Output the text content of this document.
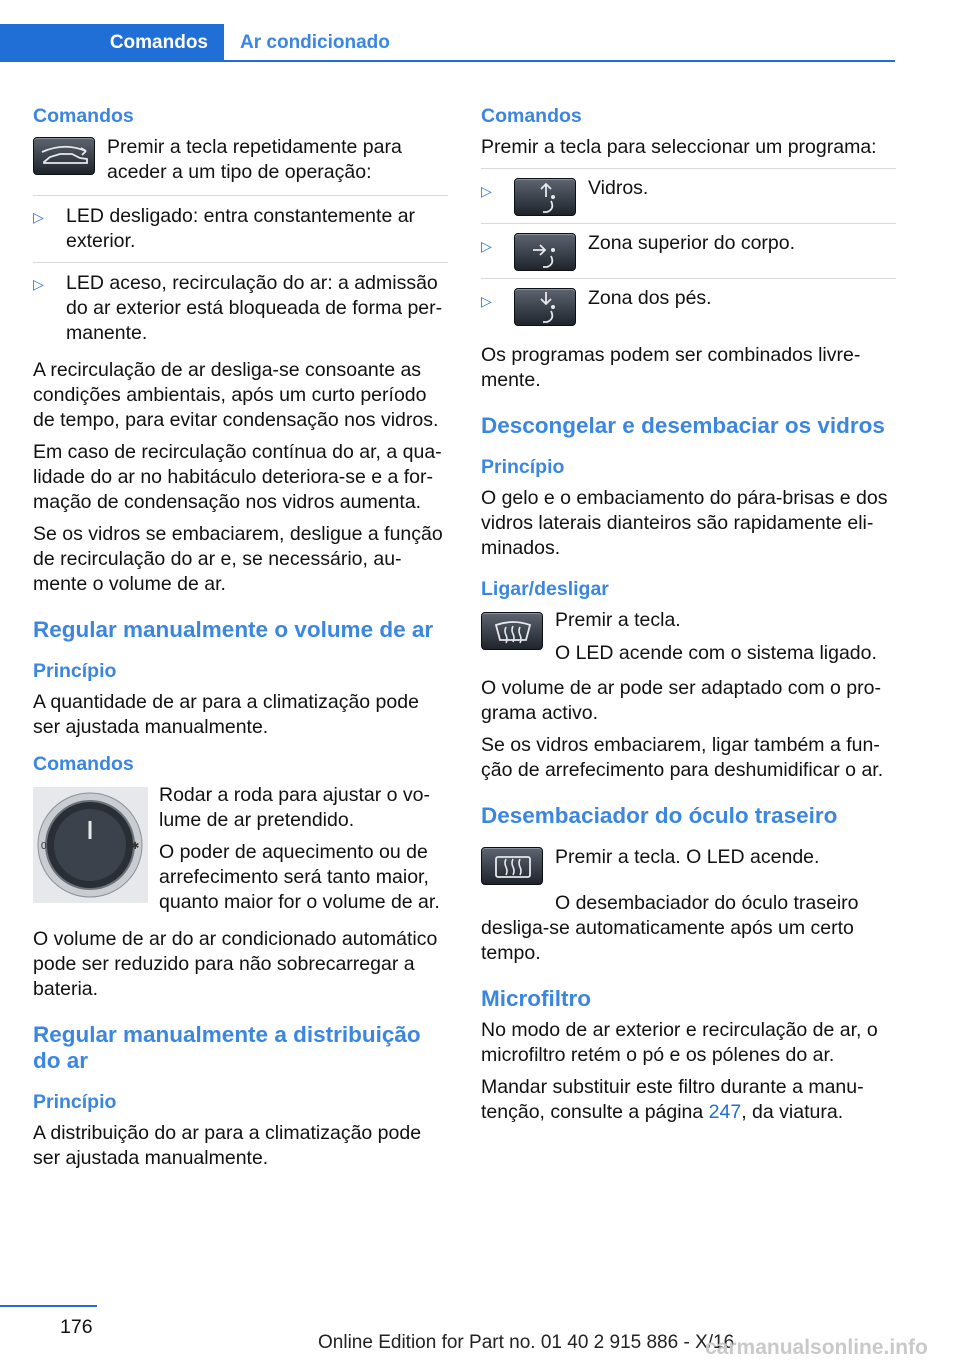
Comandos	Ar condicionado
Comandos

Premir a tecla repetidamente para aceder a um tipo de operação:

▷ LED desligado: entra constantemente ar exterior.
▷ LED aceso, recirculação do ar: a admissão do ar exterior está bloqueada de forma permanente.

A recirculação de ar desliga-se consoante as condições ambientais, após um curto período de tempo, para evitar condensação nos vidros.

Em caso de recirculação contínua do ar, a qualidade do ar no habitáculo deteriora-se e a formação de condensação nos vidros aumenta.

Se os vidros se embaciarem, desligue a função de recirculação do ar e, se necessário, aumente o volume de ar.

Regular manualmente o volume de ar
Princípio

A quantidade de ar para a climatização pode ser ajustada manualmente.

Comandos
0	✱

Rodar a roda para ajustar o volume de ar pretendido.

O poder de aquecimento ou de arrefecimento será tanto maior, quanto maior for o volume de ar.

O volume de ar do ar condicionado automático pode ser reduzido para não sobrecarregar a bateria.

Regular manualmente a distribuição do ar
Princípio

A distribuição do ar para a climatização pode ser ajustada manualmente.

Comandos

Premir a tecla para seleccionar um programa:

▷	Vidros.
▷	Zona superior do corpo.
▷	Zona dos pés.

Os programas podem ser combinados livremente.

Descongelar e desembaciar os vidros
Princípio

O gelo e o embaciamento do pára-brisas e dos vidros laterais dianteiros são rapidamente eliminados.

Ligar/desligar

Premir a tecla.

O LED acende com o sistema ligado.

O volume de ar pode ser adaptado com o programa activo.

Se os vidros embaciarem, ligar também a função de arrefecimento para deshumidificar o ar.

Desembaciador do óculo traseiro

Premir a tecla. O LED acende.

O desembaciador do óculo traseiro desliga-se automaticamente após um certo tempo.

Microfiltro

No modo de ar exterior e recirculação de ar, o microfiltro retém o pó e os pólenes do ar.

Mandar substituir este filtro durante a manutenção, consulte a página 247, da viatura.

176
Online Edition for Part no. 01 40 2 915 886 - X/16
carmanualsonline.info
